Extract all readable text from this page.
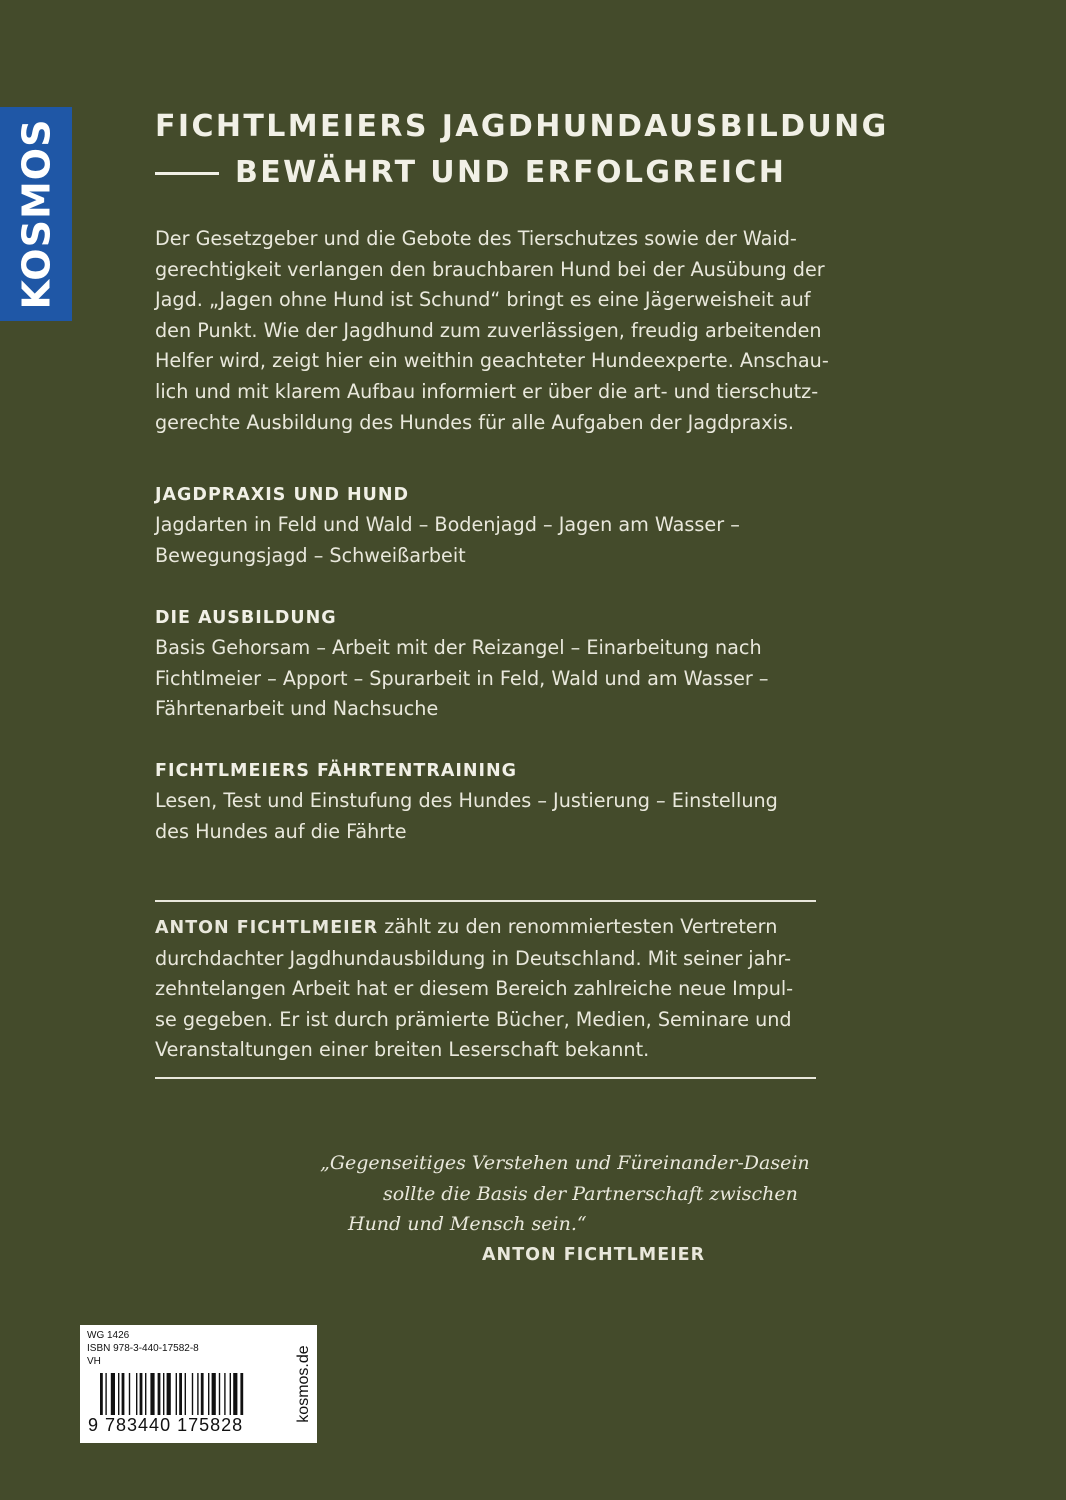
KOSMOS	FICHTLMEIERS JAGDHUNDAUSBILDUNG
BEWÄHRT UND ERFOLGREICH
Der Gesetzgeber und die Gebote des Tierschutzes sowie der Waid-
gerechtigkeit verlangen den brauchbaren Hund bei der Ausübung der
Jagd. „Jagen ohne Hund ist Schund“ bringt es eine Jägerweisheit auf
den Punkt. Wie der Jagdhund zum zuverlässigen, freudig arbeitenden
Helfer wird, zeigt hier ein weithin geachteter Hundeexperte. Anschau-
lich und mit klarem Aufbau informiert er über die art- und tierschutz-
gerechte Ausbildung des Hundes für alle Aufgaben der Jagdpraxis.
JAGDPRAXIS UND HUND

Jagdarten in Feld und Wald – Bodenjagd – Jagen am Wasser –

Bewegungsjagd – Schweißarbeit

DIE AUSBILDUNG

Basis Gehorsam – Arbeit mit der Reizangel – Einarbeitung nach

Fichtlmeier – Apport – Spurarbeit in Feld, Wald und am Wasser –

Fährtenarbeit und Nachsuche

FICHTLMEIERS FÄHRTENTRAINING

Lesen, Test und Einstufung des Hundes – Justierung – Einstellung

des Hundes auf die Fährte

ANTON FICHTLMEIER zählt zu den renommiertesten Vertretern
durchdachter Jagdhundausbildung in Deutschland. Mit seiner jahr-
zehntelangen Arbeit hat er diesem Bereich zahlreiche neue Impul-
se gegeben. Er ist durch prämierte Bücher, Medien, Seminare und
Veranstaltungen einer breiten Leserschaft bekannt.
„Gegenseitiges Verstehen und Füreinander-Dasein
sollte die Basis der Partnerschaft zwischen
Hund und Mensch sein.“
ANTON FICHTLMEIER
WG 1426
ISBN 978-3-440-17582-8
VH
9 783440 175828
kosmos.de
